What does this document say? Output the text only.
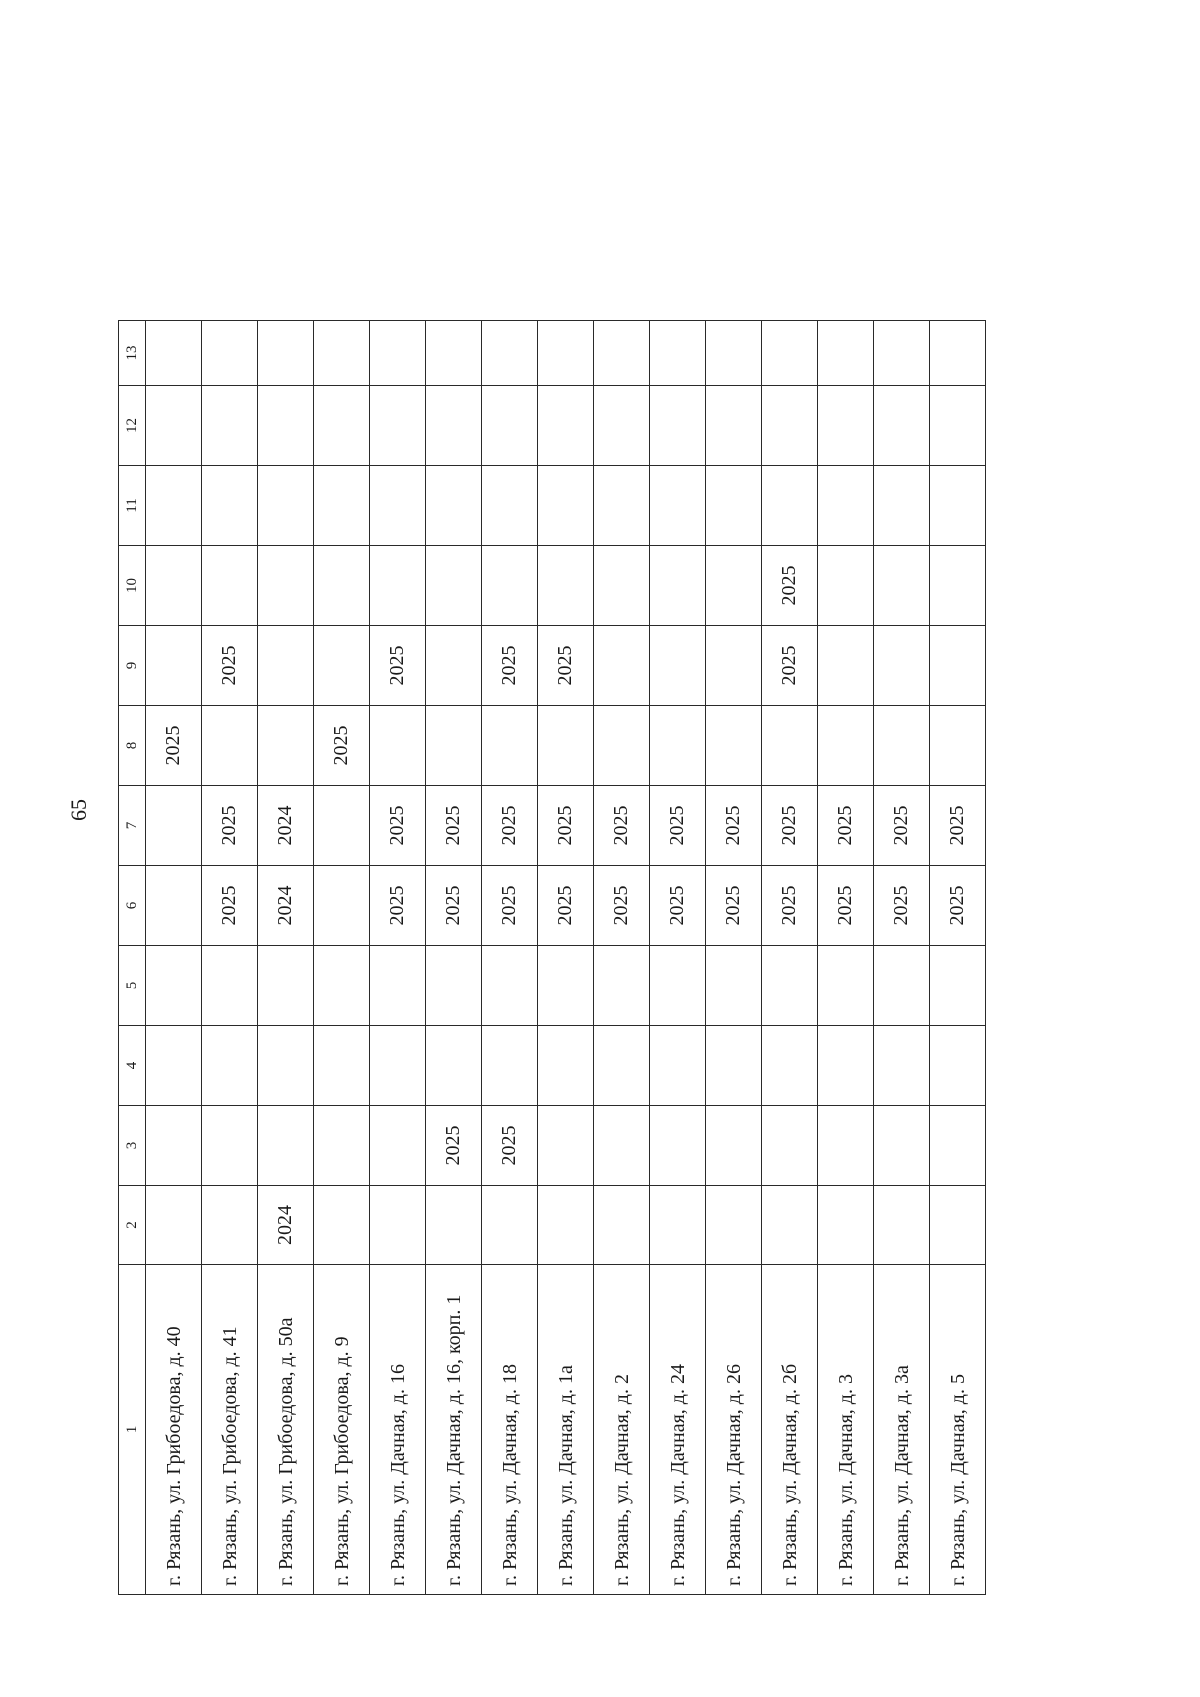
65
1	2	3	4	5	6	7	8	9	10	11	12	13
г. Рязань, ул. Грибоедова, д. 40							2025					
г. Рязань, ул. Грибоедова, д. 41					2025	2025		2025				
г. Рязань, ул. Грибоедова, д. 50а	2024				2024	2024						
г. Рязань, ул. Грибоедова, д. 9							2025					
г. Рязань, ул. Дачная, д. 16					2025	2025		2025				
г. Рязань, ул. Дачная, д. 16, корп. 1		2025			2025	2025						
г. Рязань, ул. Дачная, д. 18		2025			2025	2025		2025				
г. Рязань, ул. Дачная, д. 1а					2025	2025		2025				
г. Рязань, ул. Дачная, д. 2					2025	2025						
г. Рязань, ул. Дачная, д. 24					2025	2025						
г. Рязань, ул. Дачная, д. 26					2025	2025						
г. Рязань, ул. Дачная, д. 2б					2025	2025		2025	2025			
г. Рязань, ул. Дачная, д. 3					2025	2025						
г. Рязань, ул. Дачная, д. 3а					2025	2025						
г. Рязань, ул. Дачная, д. 5					2025	2025						
